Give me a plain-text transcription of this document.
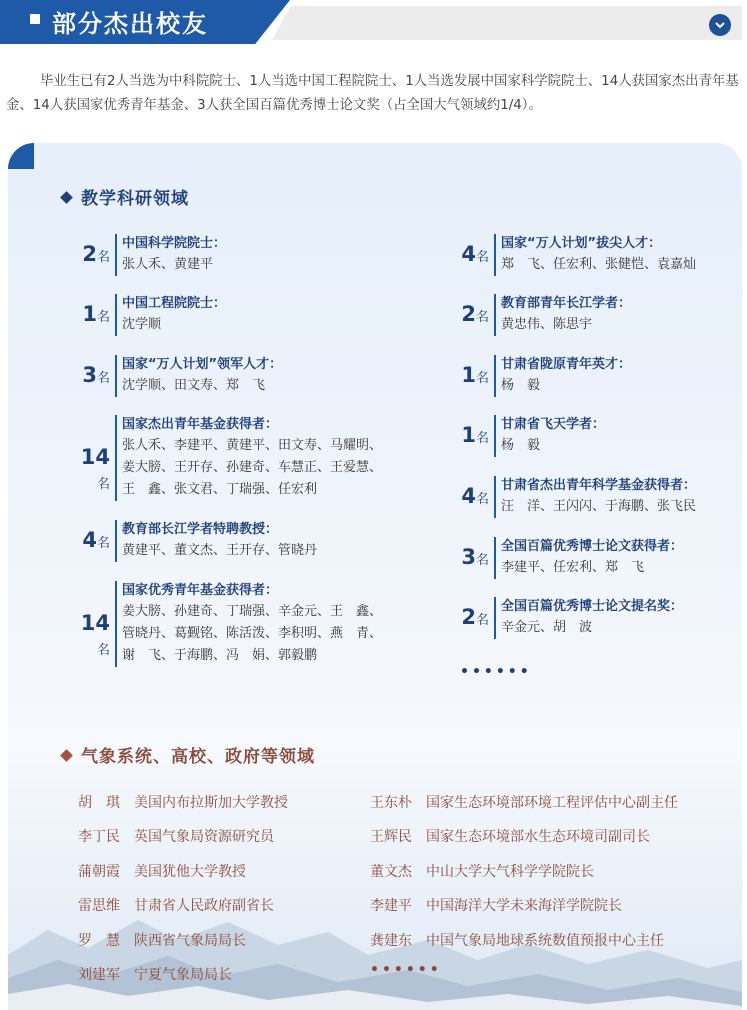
部分杰出校友
毕业生已有2人当选为中科院院士、1人当选中国工程院院士、1人当选发展中国家科学院院士、14人获国家杰出青年基金、14人获国家优秀青年基金、3人获全国百篇优秀博士论文奖（占全国大气领域约1/4）。
教学科研领域
2名
中国科学院院士：
张人禾、黄建平
1名
中国工程院院士：
沈学顺
3名
国家“万人计划”领军人才：
沈学顺、田文寿、郑　飞
14名
国家杰出青年基金获得者：
张人禾、李建平、黄建平、田文寿、马耀明、
姜大膀、王开存、孙建奇、车慧正、王爱慧、
王　鑫、张文君、丁瑞强、任宏利
4名
教育部长江学者特聘教授：
黄建平、董文杰、王开存、管晓丹
14名
国家优秀青年基金获得者：
姜大膀、孙建奇、丁瑞强、辛金元、王　鑫、
管晓丹、葛觐铭、陈活泼、李积明、燕　青、
谢　飞、于海鹏、冯　娟、郭毅鹏
4名
国家“万人计划”拔尖人才：
郑　飞、任宏利、张健恺、袁嘉灿
2名
教育部青年长江学者：
黄忠伟、陈思宇
1名
甘肃省陇原青年英才：
杨　毅
1名
甘肃省飞天学者：
杨　毅
4名
甘肃省杰出青年科学基金获得者：
汪　洋、王闪闪、于海鹏、张飞民
3名
全国百篇优秀博士论文获得者：
李建平、任宏利、郑　飞
2名
全国百篇优秀博士论文提名奖：
辛金元、胡　波
••••••
气象系统、高校、政府等领域
胡　琪 美国内布拉斯加大学教授
李丁民 英国气象局资源研究员
蒲朝霞 美国犹他大学教授
雷思维 甘肃省人民政府副省长
罗　慧 陕西省气象局局长
刘建军 宁夏气象局局长
王东朴 国家生态环境部环境工程评估中心副主任
王辉民 国家生态环境部水生态环境司副司长
董文杰 中山大学大气科学学院院长
李建平 中国海洋大学未来海洋学院院长
龚建东 中国气象局地球系统数值预报中心主任
••••••
